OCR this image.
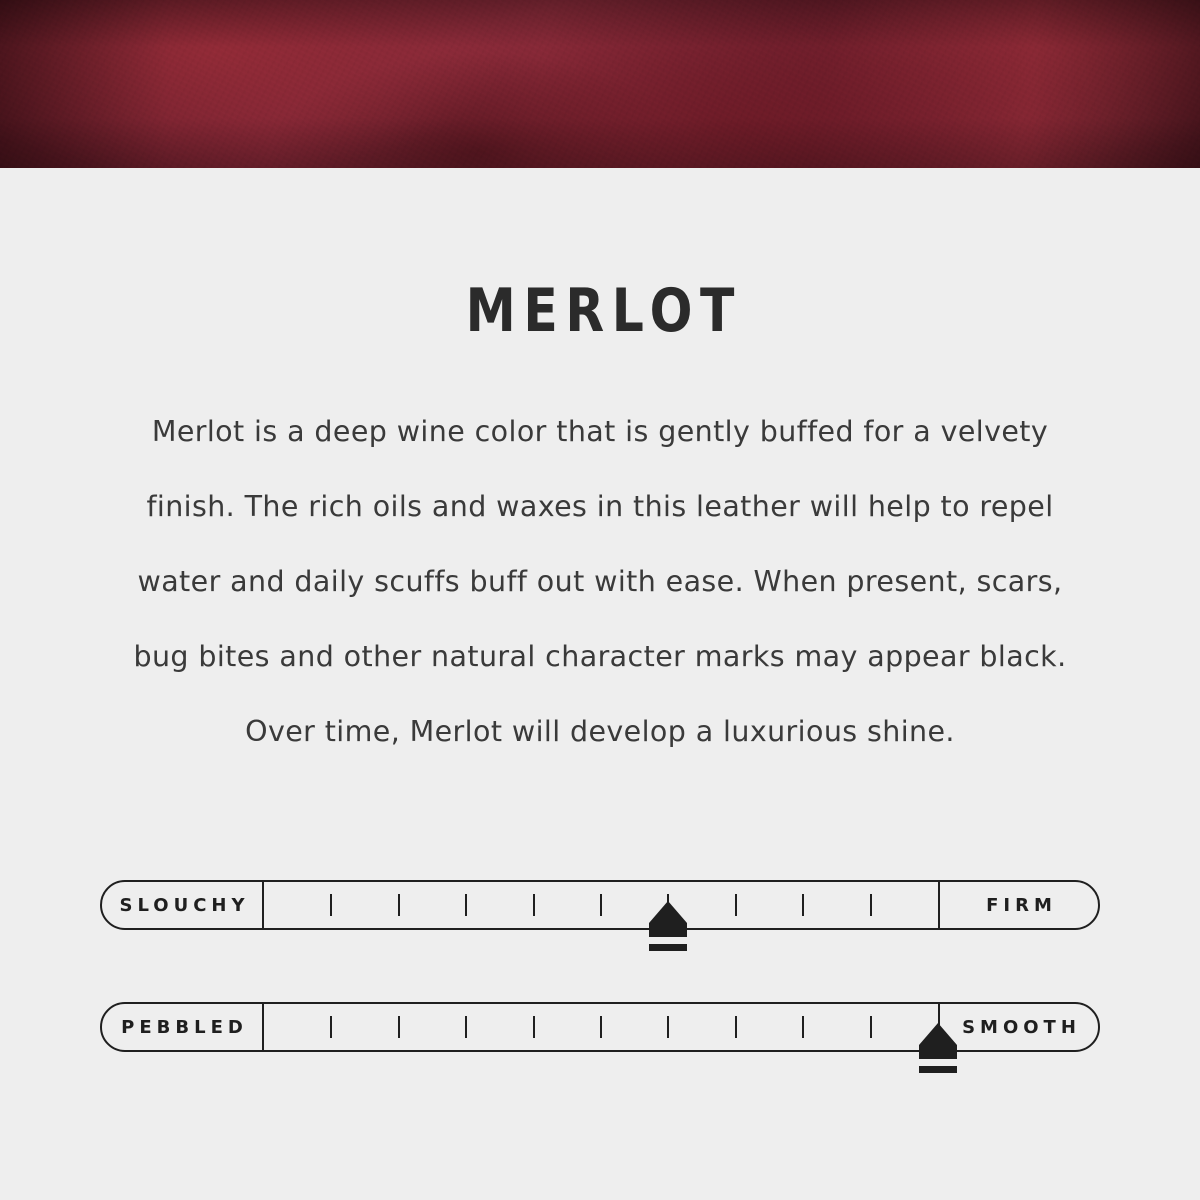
MERLOT

Merlot is a deep wine color that is gently buffed for a velvety finish. The rich oils and waxes in this leather will help to repel water and daily scuffs buff out with ease. When present, scars, bug bites and other natural character marks may appear black.

Over time, Merlot will develop a luxurious shine.

SLOUCHY	FIRM
PEBBLED	SMOOTH
